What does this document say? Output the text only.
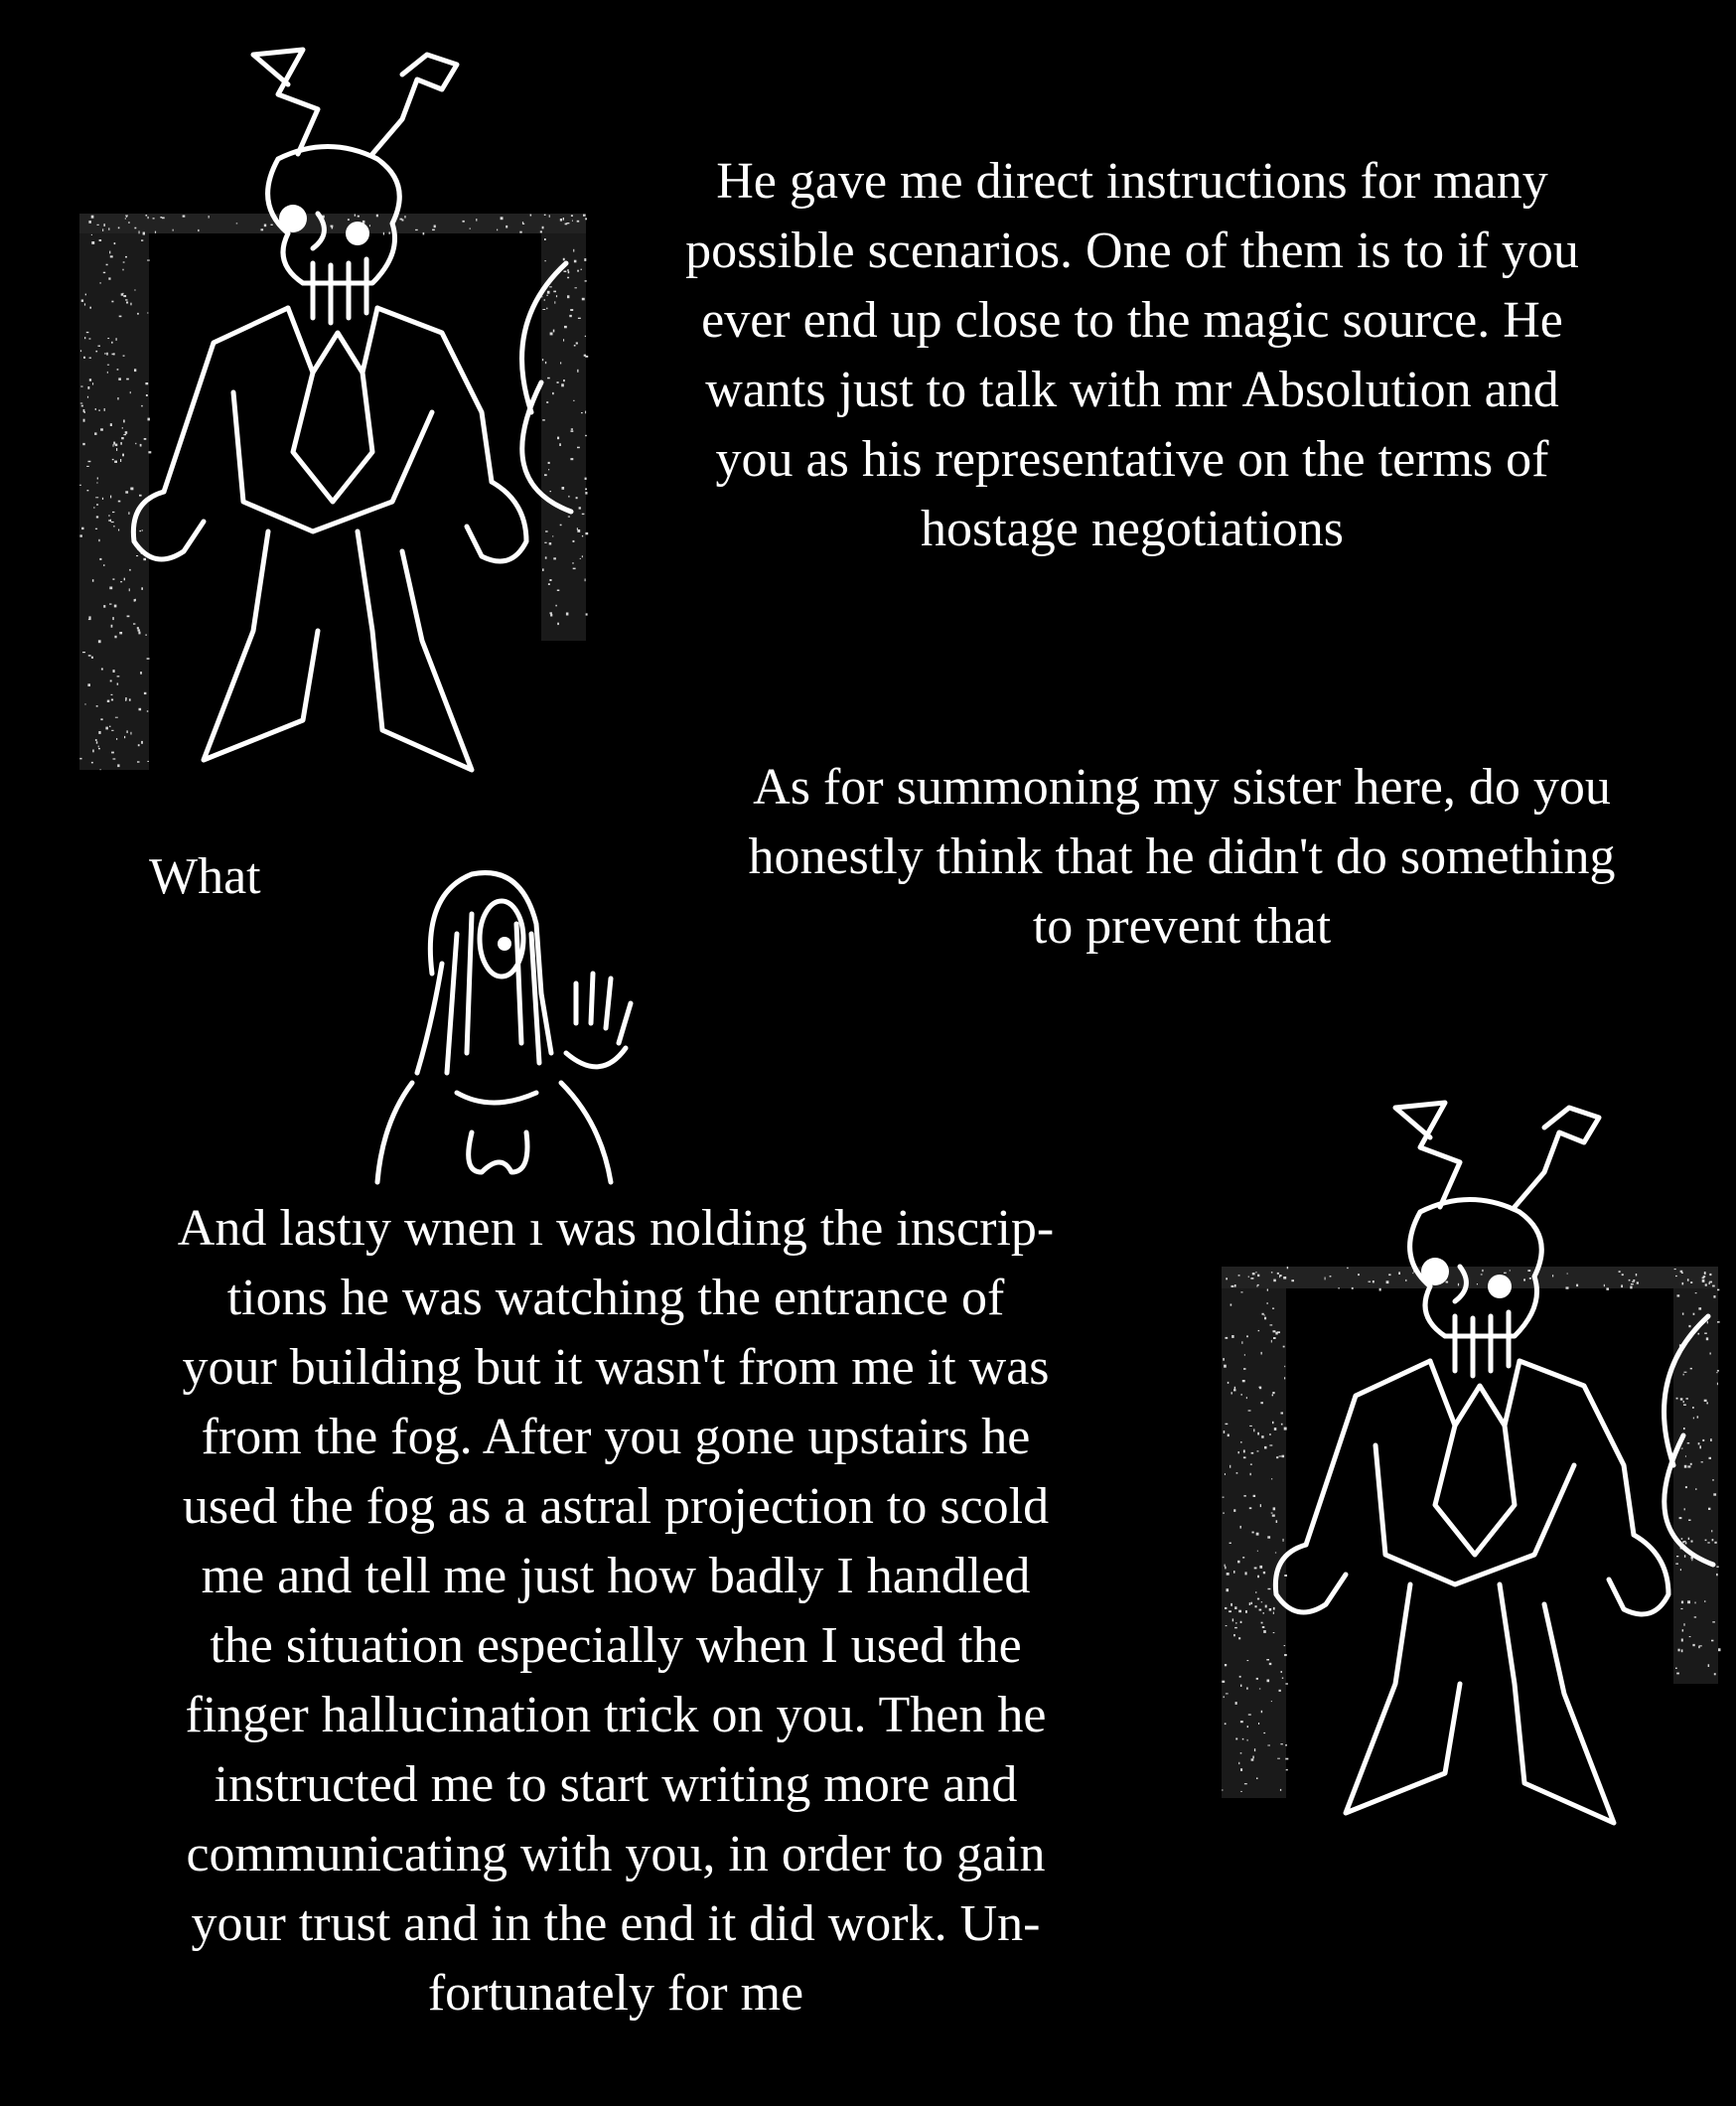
He gave me direct instructions for many
possible scenarios. One of them is to if you
ever end up close to the magic source. He
wants just to talk with mr Absolution and
you as his representative on the terms of
hostage negotiations

As for summoning my sister here, do you
honestly think that he didn't do something
to prevent that

What

And lastıy wnen ı was nolding the inscrip-
tions he was watching the entrance of
your building but it wasn't from me it was
from the fog. After you gone upstairs he
used the fog as a astral projection to scold
me and tell me just how badly I handled
the situation especially when I used the
finger hallucination trick on you. Then he
instructed me to start writing more and
communicating with you, in order to gain
your trust and in the end it did work. Un-
fortunately for me
